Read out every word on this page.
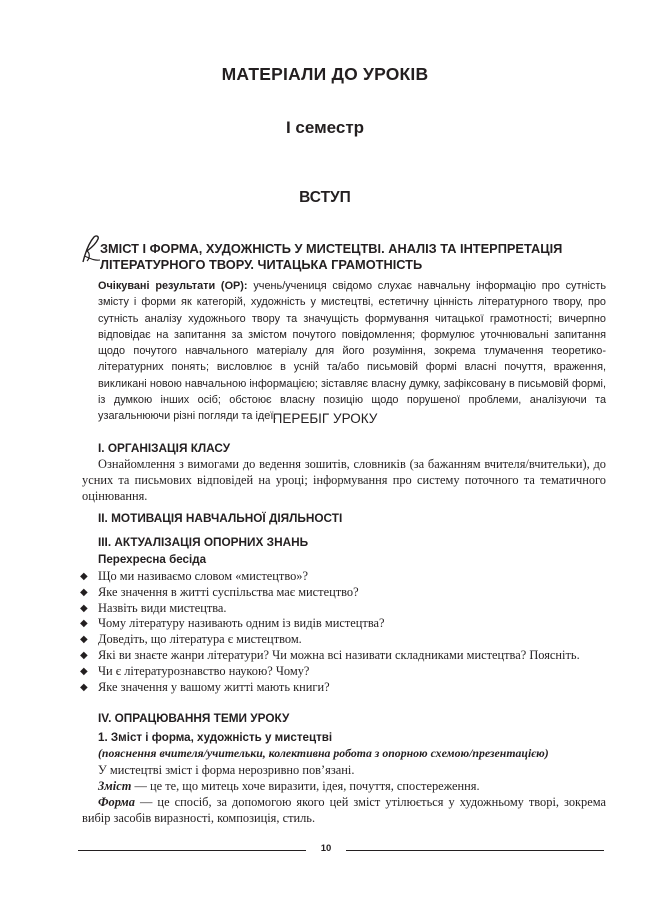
МАТЕРІАЛИ ДО УРОКІВ
І семестр
ВСТУП
ЗМІСТ І ФОРМА, ХУДОЖНІСТЬ У МИСТЕЦТВІ. АНАЛІЗ ТА ІНТЕРПРЕТАЦІЯ
ЛІТЕРАТУРНОГО ТВОРУ. ЧИТАЦЬКА ГРАМОТНІСТЬ
Очікувані результати (ОР): учень/учениця свідомо слухає навчальну інформацію про сутність змісту і форми як категорій, художність у мистецтві, естетичну цінність літературного твору, про сутність аналізу художнього твору та значущість формування читацької грамотності; вичерпно відповідає на запитання за змістом почутого повідомлення; формулює уточнювальні запитання щодо почутого навчального матеріалу для його розуміння, зокрема тлумачення теоретико-літературних понять; висловлює в усній та/або письмовій формі власні почуття, враження, викликані новою навчальною інформацією; зіставляє власну думку, зафіксовану в письмовій формі, із думкою інших осіб; обстоює власну позицію щодо порушеної проблеми, аналізуючи та узагальнюючи різні погляди та ідеї.
ПЕРЕБІГ УРОКУ
І. ОРГАНІЗАЦІЯ КЛАСУ
Ознайомлення з вимогами до ведення зошитів, словників (за бажанням вчителя/вчительки), до усних та письмових відповідей на уроці; інформування про систему поточного та тематичного оцінювання.
ІІ. МОТИВАЦІЯ НАВЧАЛЬНОЇ ДІЯЛЬНОСТІ
ІІІ. АКТУАЛІЗАЦІЯ ОПОРНИХ ЗНАНЬ
Перехресна бесіда
◆ Що ми називаємо словом «мистецтво»?
◆ Яке значення в житті суспільства має мистецтво?
◆ Назвіть види мистецтва.
◆ Чому літературу називають одним із видів мистецтва?
◆ Доведіть, що література є мистецтвом.
◆ Які ви знаєте жанри літератури? Чи можна всі називати складниками мистецтва? Поясніть.
◆ Чи є літературознавство наукою? Чому?
◆ Яке значення у вашому житті мають книги?
ІV. ОПРАЦЮВАННЯ ТЕМИ УРОКУ
1. Зміст і форма, художність у мистецтві
(пояснення вчителя/учительки, колективна робота з опорною схемою/презентацією)
У мистецтві зміст і форма нерозривно пов’язані.
Зміст — це те, що митець хоче виразити, ідея, почуття, спостереження.
Форма — це спосіб, за допомогою якого цей зміст утілюється у художньому творі, зокрема вибір засобів виразності, композиція, стиль.
10
